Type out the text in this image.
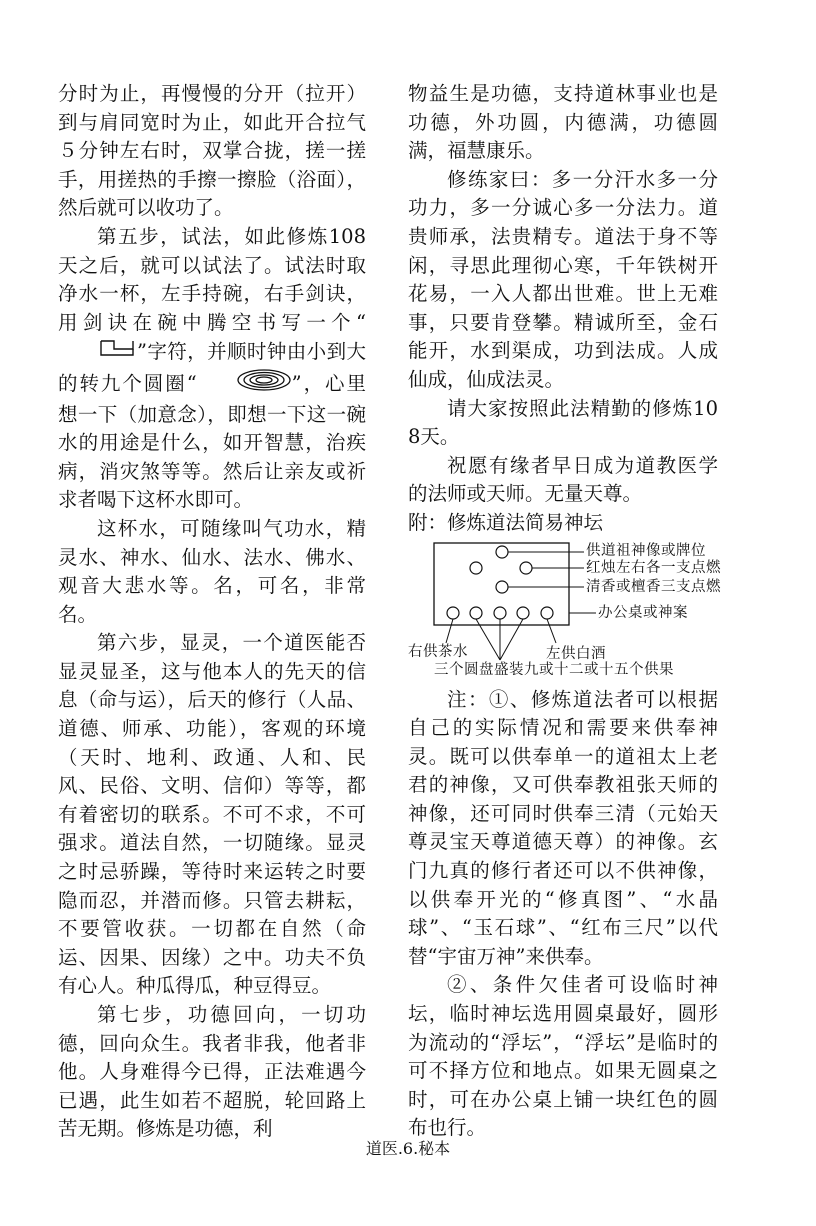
分时为止，再慢慢的分开（拉开）到与肩同宽时为止，如此开合拉气５分钟左右时，双掌合拢，搓一搓手，用搓热的手擦一擦脸（浴面），然后就可以收功了。

第五步，试法，如此修炼108天之后，就可以试法了。试法时取净水一杯，左手持碗，右手剑诀，用剑诀在碗中腾空书写一个“”字符，并顺时钟由小到大的转九个圆圈“	”，心里想一下（加意念），即想一下这一碗水的用途是什么，如开智慧，治疾病，消灾煞等等。然后让亲友或祈求者喝下这杯水即可。

这杯水，可随缘叫气功水，精灵水、神水、仙水、法水、佛水、观音大悲水等。名，可名，非常名。

第六步，显灵，一个道医能否显灵显圣，这与他本人的先天的信息（命与运），后天的修行（人品、道德、师承、功能），客观的环境（天时、地利、政通、人和、民风、民俗、文明、信仰）等等，都有着密切的联系。不可不求，不可强求。道法自然，一切随缘。显灵之时忌骄躁，等待时来运转之时要隐而忍，并潜而修。只管去耕耘，不要管收获。一切都在自然（命运、因果、因缘）之中。功夫不负有心人。种瓜得瓜，种豆得豆。

第七步，功德回向，一切功德，回向众生。我者非我，他者非他。人身难得今已得，正法难遇今已遇，此生如若不超脱，轮回路上苦无期。修炼是功德，利

物益生是功德，支持道林事业也是功德，外功圆，内德满，功德圆满，福慧康乐。

修练家曰：多一分汗水多一分功力，多一分诚心多一分法力。道贵师承，法贵精专。道法于身不等闲，寻思此理彻心寒，千年铁树开花易，一入人都出世难。世上无难事，只要肯登攀。精诚所至，金石能开，水到渠成，功到法成。人成仙成，仙成法灵。

请大家按照此法精勤的修炼108天。

祝愿有缘者早日成为道教医学的法师或天师。无量天尊。

附：修炼道法简易神坛

供道祖神像或牌位
红烛左右各一支点燃
清香或檀香三支点燃
办公桌或神案
右供茶水	左供白酒
三个圆盘盛装九或十二或十五个供果

注：①、修炼道法者可以根据自己的实际情况和需要来供奉神灵。既可以供奉单一的道祖太上老君的神像，又可供奉教祖张天师的神像，还可同时供奉三清（元始天尊灵宝天尊道德天尊）的神像。玄门九真的修行者还可以不供神像，以供奉开光的“修真图”、“水晶球”、“玉石球”、“红布三尺”以代替“宇宙万神”来供奉。

②、条件欠佳者可设临时神坛，临时神坛选用圆桌最好，圆形为流动的“浮坛”，“浮坛”是临时的可不择方位和地点。如果无圆桌之时，可在办公桌上铺一块红色的圆布也行。

道医.6.秘本
